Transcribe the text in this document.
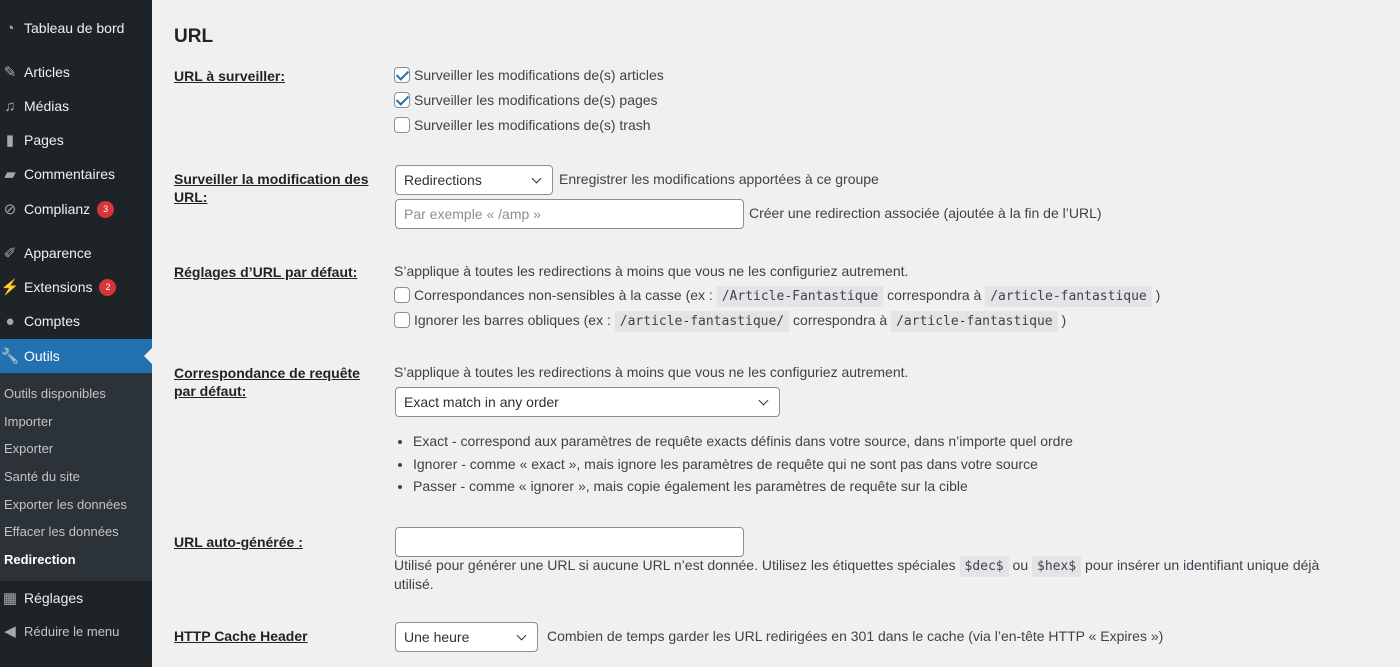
◔ Tableau de bord
✎ Articles
♫ Médias
▮ Pages
▰ Commentaires
⊘ Complianz	3
✐ Apparence
⚡ Extensions	2
● Comptes
🔧 Outils
Outils disponibles
Importer
Exporter
Santé du site
Exporter les données
Effacer les données
Redirection
▦ Réglages
◀ Réduire le menu
URL
URL à surveiller:	Surveiller les modifications de(s) articles
Surveiller les modifications de(s) pages
Surveiller les modifications de(s) trash
Surveiller la modification des URL:
Redirections	Enregistrer les modifications apportées à ce groupe
Par exemple « /amp »	Créer une redirection associée (ajoutée à la fin de l’URL)
Réglages d’URL par défaut:	S’applique à toutes les redirections à moins que vous ne les configuriez autrement.
Correspondances non-sensibles à la casse (ex : /Article-Fantastique correspondra à /article-fantastique )
Ignorer les barres obliques (ex : /article-fantastique/ correspondra à /article-fantastique )
Correspondance de requête par défaut:
S’applique à toutes les redirections à moins que vous ne les configuriez autrement.
Exact match in any order
• Exact - correspond aux paramètres de requête exacts définis dans votre source, dans n’importe quel ordre
• Ignorer - comme « exact », mais ignore les paramètres de requête qui ne sont pas dans votre source
• Passer - comme « ignorer », mais copie également les paramètres de requête sur la cible
URL auto-générée :
Utilisé pour générer une URL si aucune URL n’est donnée. Utilisez les étiquettes spéciales $dec$ ou $hex$ pour insérer un identifiant unique déjà
utilisé.
HTTP Cache Header	Une heure	Combien de temps garder les URL redirigées en 301 dans le cache (via l’en-tête HTTP « Expires »)
